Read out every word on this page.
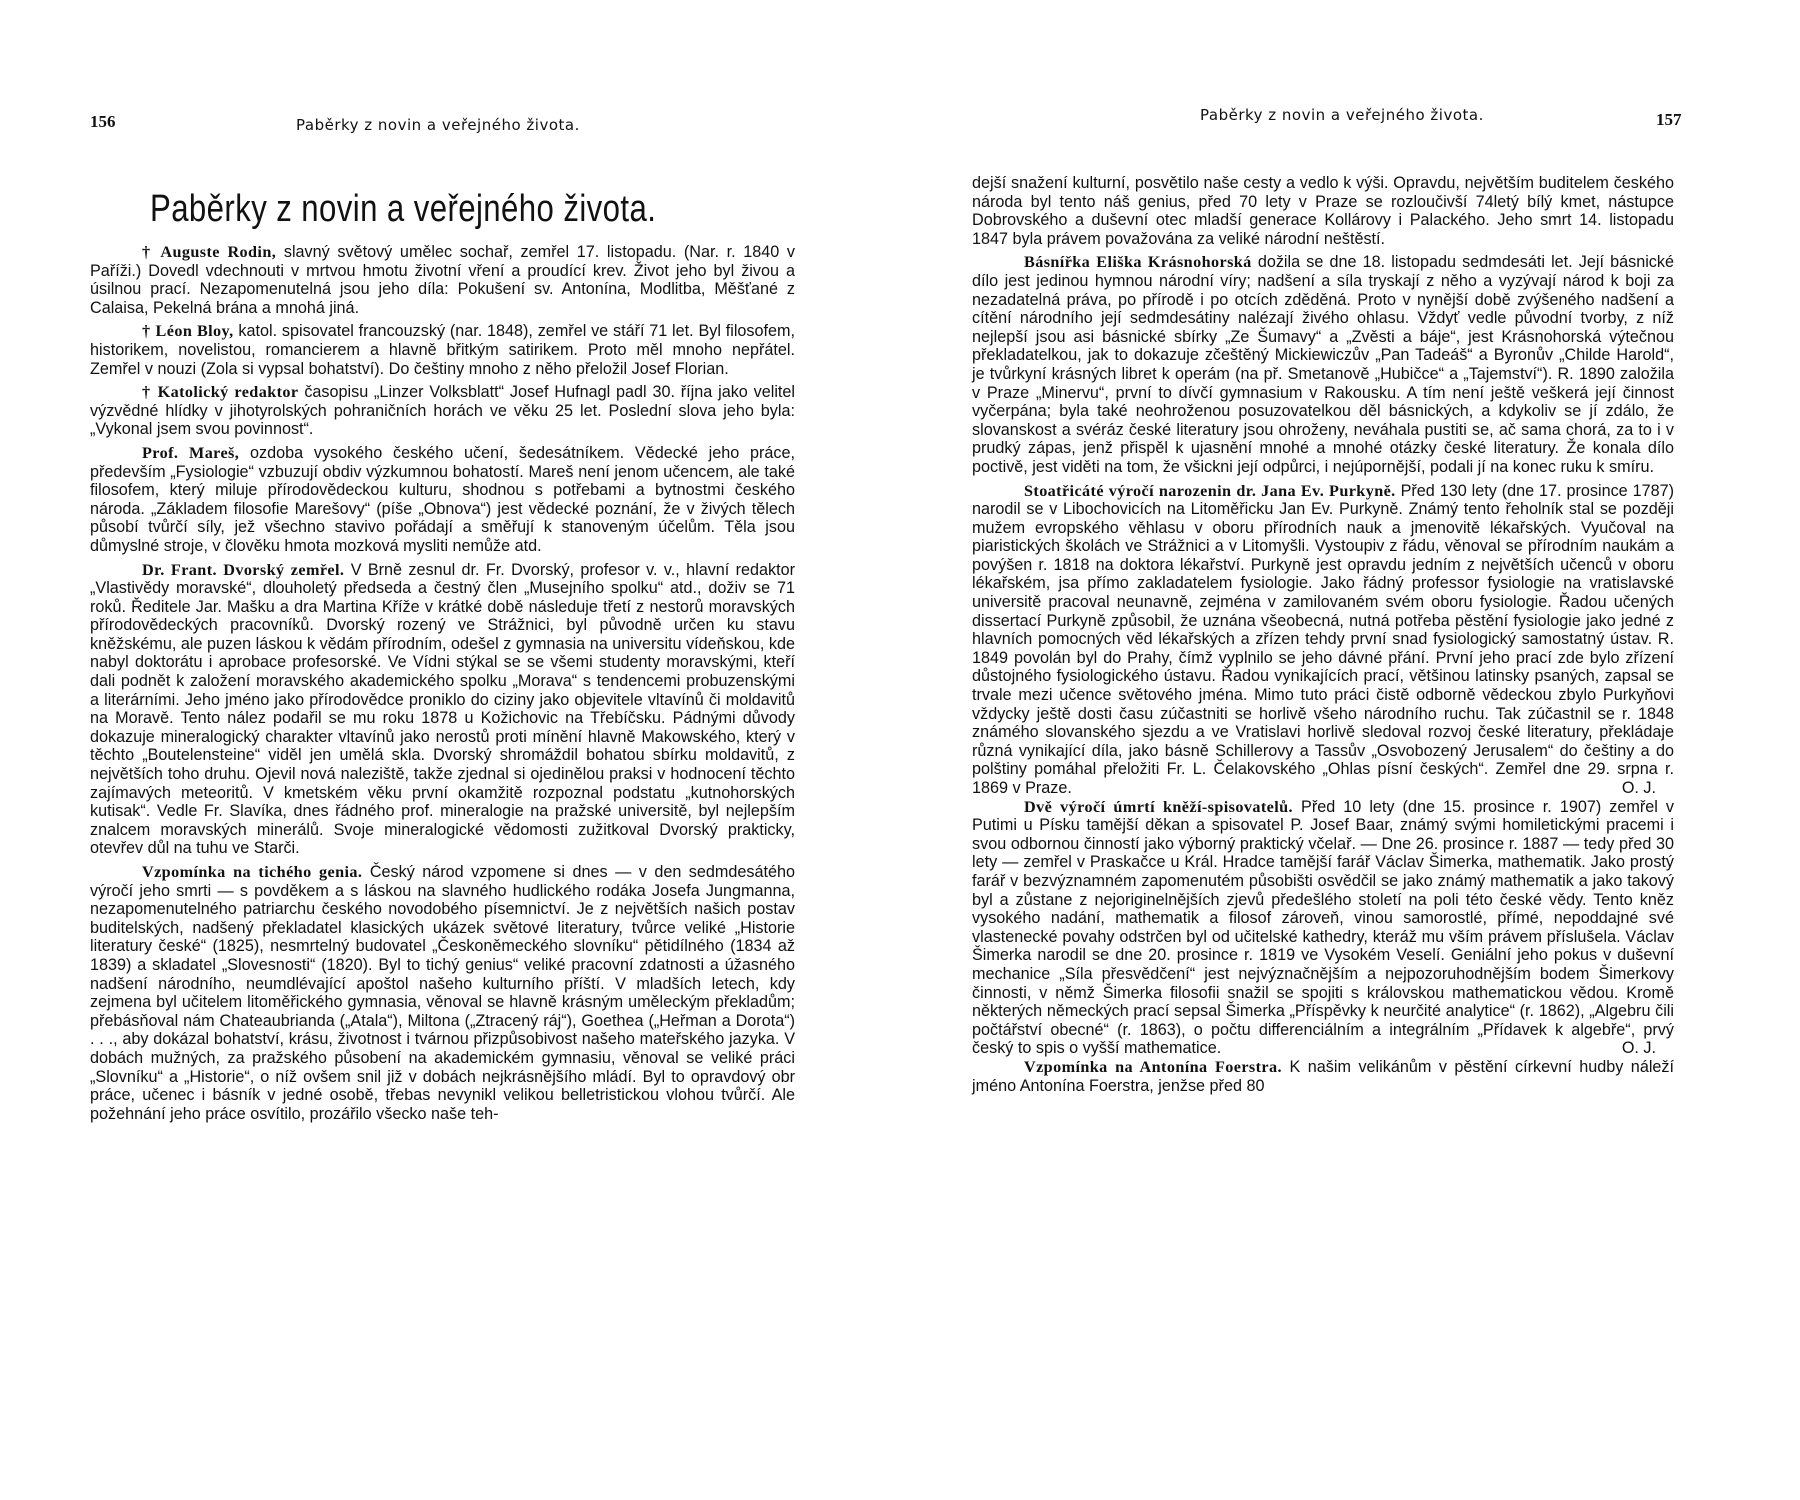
156	Paběrky z novin a veřejného života.
Paběrky z novin a veřejného života.

† Auguste Rodin, slavný světový umělec sochař, zemřel 17. listopadu. (Nar. r. 1840 v Paříži.) Dovedl vdechnouti v mrtvou hmotu životní vření a proudící krev. Život jeho byl živou a úsilnou prací. Nezapomenutelná jsou jeho díla: Pokušení sv. Antonína, Modlitba, Měšťané z Calaisa, Pekelná brána a mnohá jiná.

† Léon Bloy, katol. spisovatel francouzský (nar. 1848), zemřel ve stáří 71 let. Byl filosofem, historikem, novelistou, romancierem a hlavně břitkým satirikem. Proto měl mnoho nepřátel. Zemřel v nouzi (Zola si vypsal bohatství). Do češtiny mnoho z něho přeložil Josef Florian.

† Katolický redaktor časopisu „Linzer Volksblatt“ Josef Hufnagl padl 30. října jako velitel výzvědné hlídky v jihotyrolských pohraničních horách ve věku 25 let. Poslední slova jeho byla: „Vykonal jsem svou povinnost“.

Prof. Mareš, ozdoba vysokého českého učení, šedesátníkem. Vědecké jeho práce, především „Fysiologie“ vzbuzují obdiv výzkumnou bohatostí. Mareš není jenom učencem, ale také filosofem, který miluje přírodovědeckou kulturu, shodnou s potřebami a bytnostmi českého národa. „Základem filosofie Marešovy“ (píše „Obnova“) jest vědecké poznání, že v živých tělech působí tvůrčí síly, jež všechno stavivo pořádají a směřují k stanoveným účelům. Těla jsou důmyslné stroje, v člověku hmota mozková mysliti nemůže atd.

Dr. Frant. Dvorský zemřel. V Brně zesnul dr. Fr. Dvorský, profesor v. v., hlavní redaktor „Vlastivědy moravské“, dlouholetý předseda a čestný člen „Musejního spolku“ atd., doživ se 71 roků. Ředitele Jar. Mašku a dra Martina Kříže v krátké době následuje třetí z nestorů moravských přírodovědeckých pracovníků. Dvorský rozený ve Strážnici, byl původně určen ku stavu kněžskému, ale puzen láskou k vědám přírodním, odešel z gymnasia na universitu vídeňskou, kde nabyl doktorátu i aprobace profesorské. Ve Vídni stýkal se se všemi studenty moravskými, kteří dali podnět k založení moravského akademického spolku „Morava“ s tendencemi probuzenskými a literárními. Jeho jméno jako přírodovědce proniklo do ciziny jako objevitele vltavínů či moldavitů na Moravě. Tento nález podařil se mu roku 1878 u Kožichovic na Třebíčsku. Pádnými důvody dokazuje mineralogický charakter vltavínů jako nerostů proti mínění hlavně Makowského, který v těchto „Boutelensteine“ viděl jen umělá skla. Dvorský shromáždil bohatou sbírku moldavitů, z největších toho druhu. Ojevil nová naleziště, takže zjednal si ojedinělou praksi v hodnocení těchto zajímavých meteoritů. V kmetském věku první okamžitě rozpoznal podstatu „kutnohorských kutisak“. Vedle Fr. Slavíka, dnes řádného prof. mineralogie na pražské universitě, byl nejlepším znalcem moravských minerálů. Svoje mineralogické vědomosti zužitkoval Dvorský prakticky, otevřev důl na tuhu ve Starči.

Vzpomínka na tichého genia. Český národ vzpomene si dnes — v den sedmdesátého výročí jeho smrti — s povděkem a s láskou na slavného hudlického rodáka Josefa Jungmanna, nezapomenutelného patriarchu českého novodobého písemnictví. Je z největších našich postav buditelských, nadšený překladatel klasických ukázek světové literatury, tvůrce veliké „Historie literatury české“ (1825), nesmrtelný budovatel „Českoněmeckého slovníku“ pětidílného (1834 až 1839) a skladatel „Slovesnosti“ (1820). Byl to tichý genius“ veliké pracovní zdatnosti a úžasného nadšení národního, neumdlévající apoštol našeho kulturního příští. V mladších letech, kdy zejmena byl učitelem litoměřického gymnasia, věnoval se hlavně krásným uměleckým překladům; přebásňoval nám Chateaubrianda („Atala“), Miltona („Ztracený ráj“), Goethea („Heřman a Dorota“) . . ., aby dokázal bohatství, krásu, životnost i tvárnou přizpůsobivost našeho mateřského jazyka. V dobách mužných, za pražského působení na akademickém gymnasiu, věnoval se veliké práci „Slovníku“ a „Historie“, o níž ovšem snil již v dobách nejkrásnějšího mládí. Byl to opravdový obr práce, učenec i básník v jedné osobě, třebas nevynikl velikou belletristickou vlohou tvůrčí. Ale požehnání jeho práce osvítilo, prozářilo všecko naše teh-

Paběrky z novin a veřejného života.	157

dejší snažení kulturní, posvětilo naše cesty a vedlo k výši. Opravdu, největším buditelem českého národa byl tento náš genius, před 70 lety v Praze se rozloučivší 74letý bílý kmet, nástupce Dobrovského a duševní otec mladší generace Kollárovy i Palackého. Jeho smrt 14. listopadu 1847 byla právem považována za veliké národní neštěstí.

Básnířka Eliška Krásnohorská dožila se dne 18. listopadu sedmdesáti let. Její básnické dílo jest jedinou hymnou národní víry; nadšení a síla tryskají z něho a vyzývají národ k boji za nezadatelná práva, po přírodě i po otcích zděděná. Proto v nynější době zvýšeného nadšení a cítění národního její sedmdesátiny nalézají živého ohlasu. Vždyť vedle původní tvorby, z níž nejlepší jsou asi básnické sbírky „Ze Šumavy“ a „Zvěsti a báje“, jest Krásnohorská výtečnou překladatelkou, jak to dokazuje zčeštěný Mickiewiczův „Pan Tadeáš“ a Byronův „Childe Harold“, je tvůrkyní krásných libret k operám (na př. Smetanově „Hubičce“ a „Tajemství“). R. 1890 založila v Praze „Minervu“, první to dívčí gymnasium v Rakousku. A tím není ještě veškerá její činnost vyčerpána; byla také neohroženou posuzovatelkou děl básnických, a kdykoliv se jí zdálo, že slovanskost a svéráz české literatury jsou ohroženy, neváhala pustiti se, ač sama chorá, za to i v prudký zápas, jenž přispěl k ujasnění mnohé a mnohé otázky české literatury. Že konala dílo poctivě, jest viděti na tom, že všickni její odpůrci, i nejúpornější, podali jí na konec ruku k smíru.

Stoatřicáté výročí narozenin dr. Jana Ev. Purkyně. Před 130 lety (dne 17. prosince 1787) narodil se v Libochovicích na Litoměřicku Jan Ev. Purkyně. Známý tento řeholník stal se později mužem evropského věhlasu v oboru přírodních nauk a jmenovitě lékařských. Vyučoval na piaristických školách ve Strážnici a v Litomyšli. Vystoupiv z řádu, věnoval se přírodním naukám a povýšen r. 1818 na doktora lékařství. Purkyně jest opravdu jedním z největších učenců v oboru lékařském, jsa přímo zakladatelem fysiologie. Jako řádný professor fysiologie na vratislavské universitě pracoval neunavně, zejména v zamilovaném svém oboru fysiologie. Řadou učených dissertací Purkyně způsobil, že uznána všeobecná, nutná potřeba pěstění fysiologie jako jedné z hlavních pomocných věd lékařských a zřízen tehdy první snad fysiologický samostatný ústav. R. 1849 povolán byl do Prahy, čímž vyplnilo se jeho dávné přání. První jeho prací zde bylo zřízení důstojného fysiologického ústavu. Řadou vynikajících prací, většinou latinsky psaných, zapsal se trvale mezi učence světového jména. Mimo tuto práci čistě odborně vědeckou zbylo Purkyňovi vždycky ještě dosti času zúčastniti se horlivě všeho národního ruchu. Tak zúčastnil se r. 1848 známého slovanského sjezdu a ve Vratislavi horlivě sledoval rozvoj české literatury, překládaje různá vynikající díla, jako básně Schillerovy a Tassův „Osvobozený Jerusalem“ do češtiny a do polštiny pomáhal přeložiti Fr. L. Čelakovského „Ohlas písní českých“. Zemřel dne 29. srpna r. 1869 v Praze.	O. J.

Dvě výročí úmrtí kněží-spisovatelů. Před 10 lety (dne 15. prosince r. 1907) zemřel v Putimi u Písku tamější děkan a spisovatel P. Josef Baar, známý svými homiletickými pracemi i svou odbornou činností jako výborný praktický včelař. — Dne 26. prosince r. 1887 — tedy před 30 lety — zemřel v Praskačce u Král. Hradce tamější farář Václav Šimerka, mathematik. Jako prostý farář v bezvýznamném zapomenutém působišti osvědčil se jako známý mathematik a jako takový byl a zůstane z nejoriginelnějších zjevů předešlého století na poli této české vědy. Tento kněz vysokého nadání, mathematik a filosof zároveň, vinou samorostlé, přímé, nepoddajné své vlastenecké povahy odstrčen byl od učitelské kathedry, kteráž mu vším právem příslušela. Václav Šimerka narodil se dne 20. prosince r. 1819 ve Vysokém Veselí. Geniální jeho pokus v duševní mechanice „Síla přesvědčení“ jest nejvýznačnějším a nejpozoruhodnějším bodem Šimerkovy činnosti, v němž Šimerka filosofii snažil se spojiti s královskou mathematickou vědou. Kromě některých německých prací sepsal Šimerka „Příspěvky k neurčité analytice“ (r. 1862), „Algebru čili počtářství obecné“ (r. 1863), o počtu differenciálním a integrálním „Přídavek k algebře“, prvý český to spis o vyšší mathematice.	O. J.

Vzpomínka na Antonína Foerstra. K našim velikánům v pěstění církevní hudby náleží jméno Antonína Foerstra, jenžse před 80
